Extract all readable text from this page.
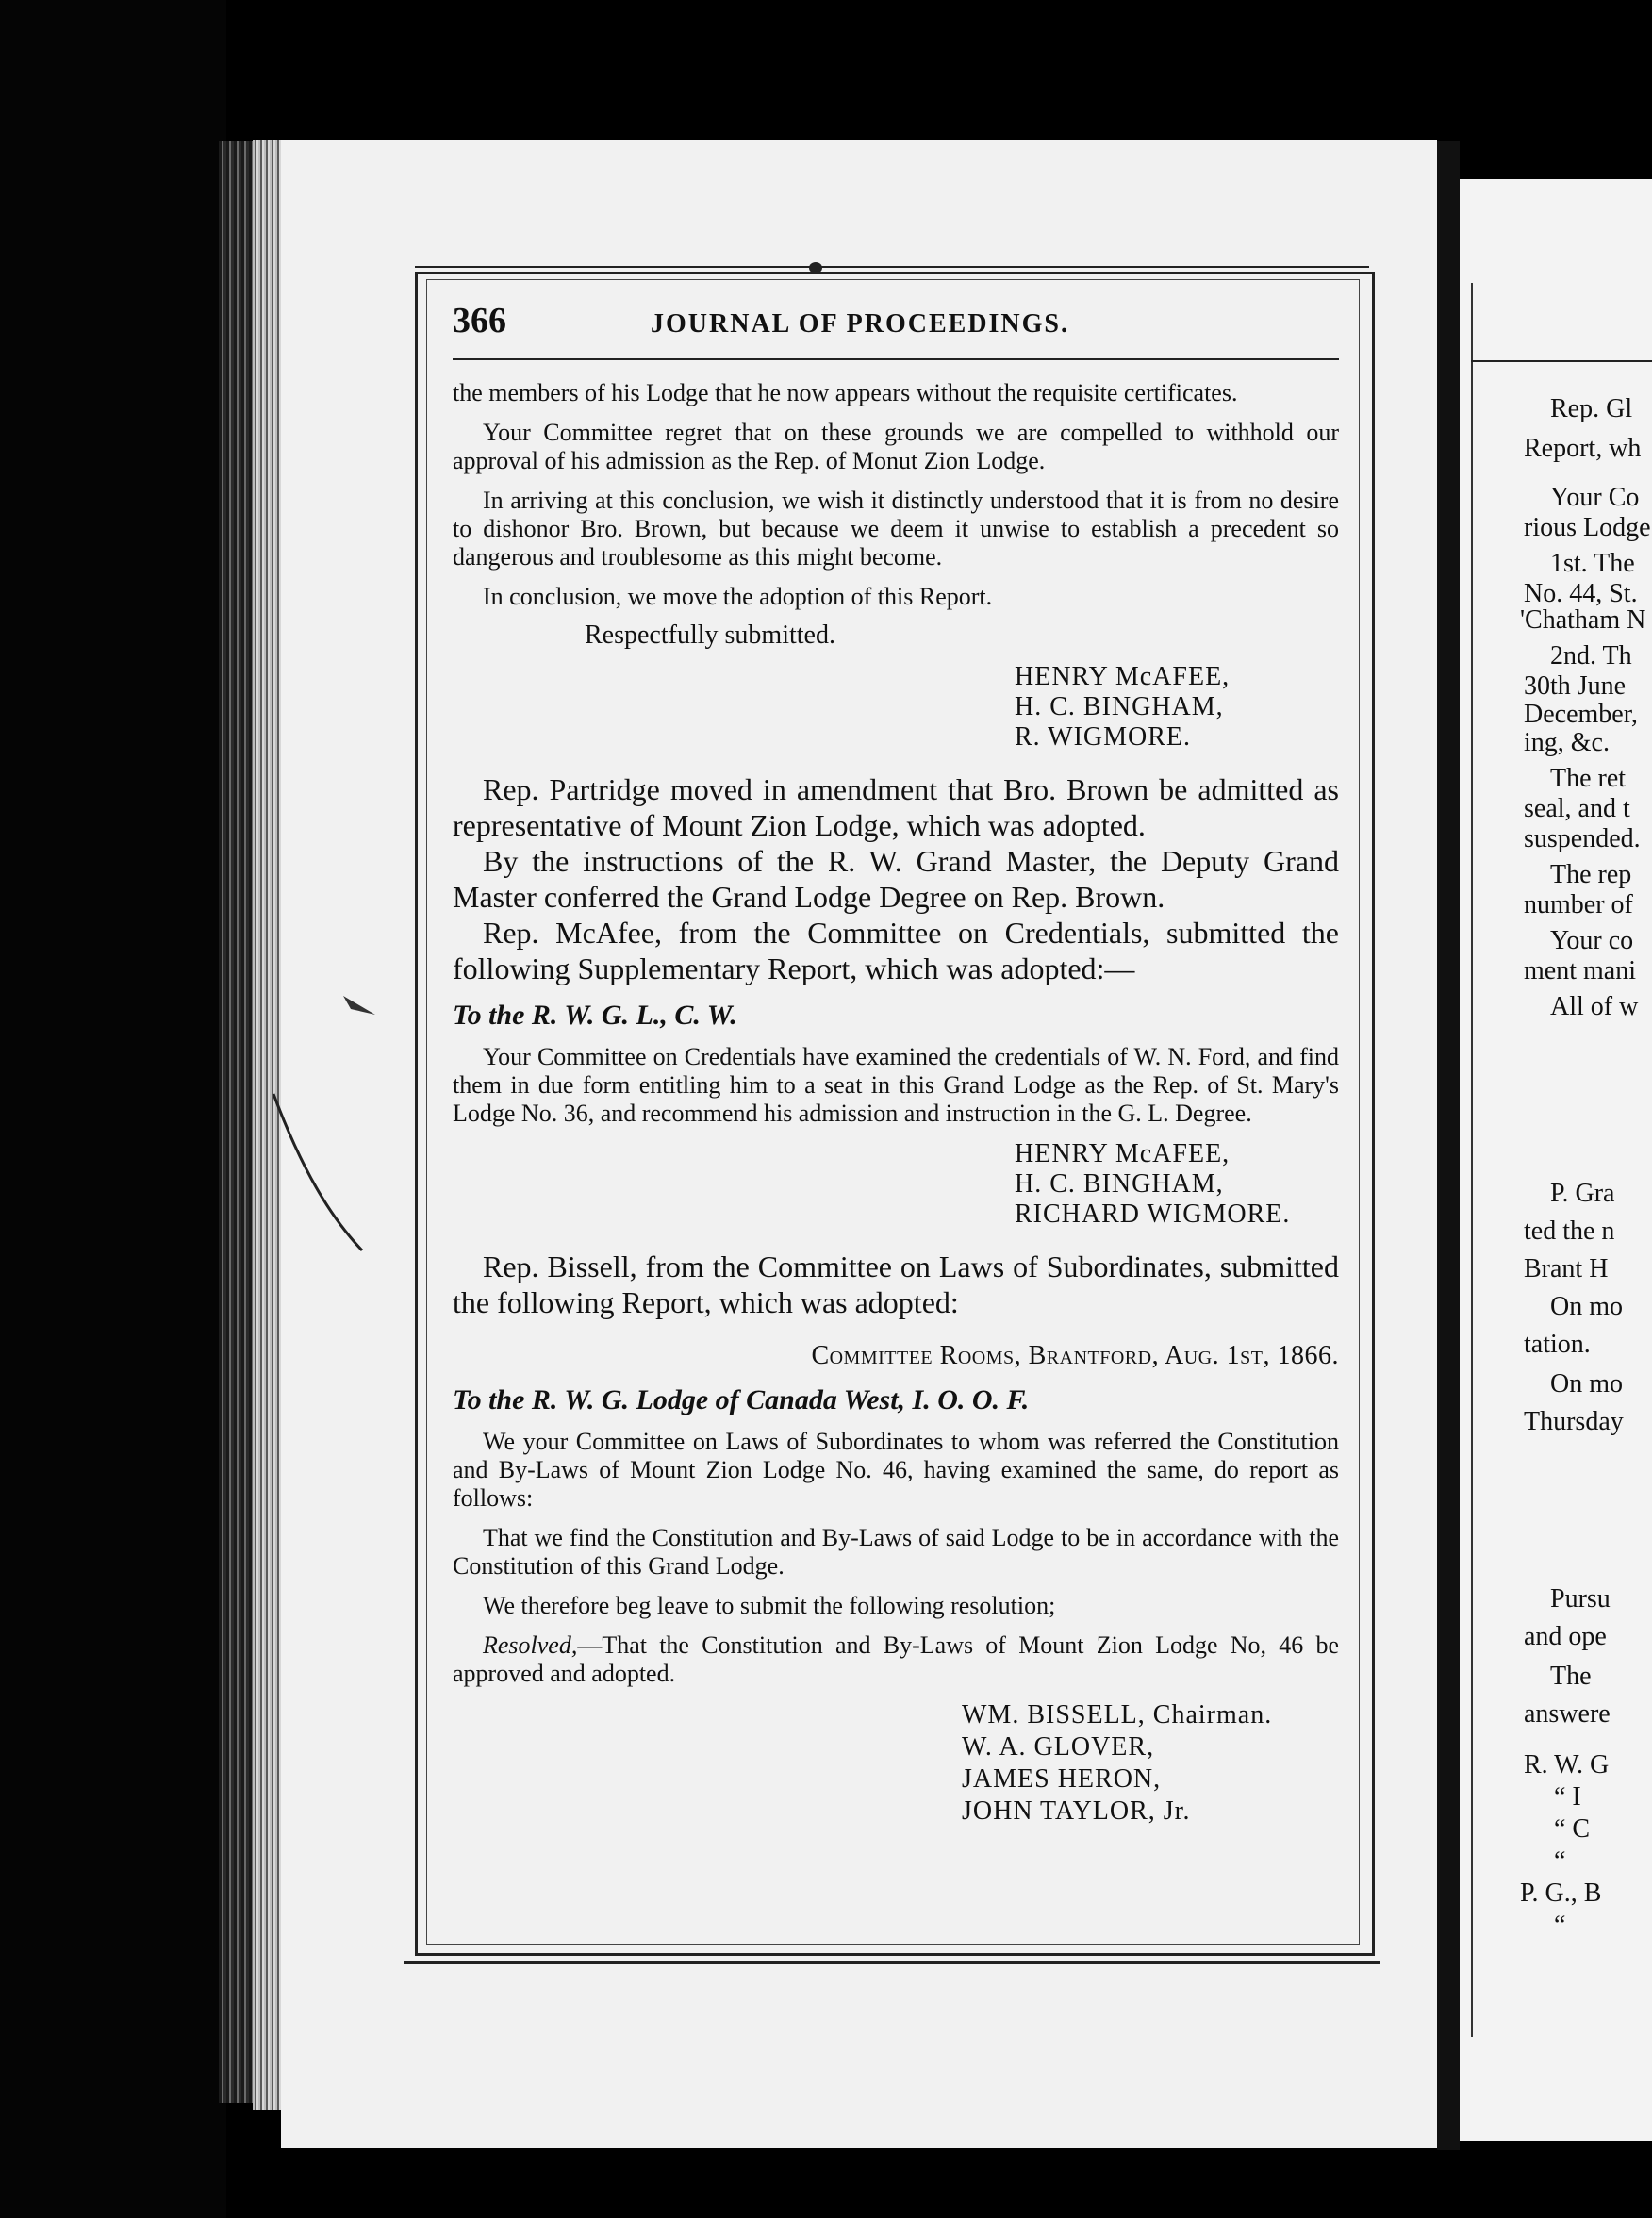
Rep. Gl
Report, wh
Your Co
rious Lodge
1st. The
No. 44, St.
'Chatham N
2nd. Th
30th June
December,
ing, &c.
The ret
seal, and t
suspended.
The rep
number of
Your co
ment mani
All of w
P. Gra
ted the n
Brant H
On mo
tation.
On mo
Thursday
Pursu
and ope
The
answere
R. W. G
“ I
“ C
“
P. G., B
“
366	JOURNAL OF PROCEEDINGS.

the members of his Lodge that he now appears without the requisite certificates.

Your Committee regret that on these grounds we are compelled to withhold our approval of his admission as the Rep. of Monut Zion Lodge.

In arriving at this conclusion, we wish it distinctly understood that it is from no desire to dishonor Bro. Brown, but because we deem it unwise to establish a precedent so dangerous and troublesome as this might become.

In conclusion, we move the adoption of this Report.

Respectfully submitted.

HENRY McAFEE,

H. C. BINGHAM,

R. WIGMORE.

Rep. Partridge moved in amendment that Bro. Brown be admitted as representative of Mount Zion Lodge, which was adopted.

By the instructions of the R. W. Grand Master, the Deputy Grand Master conferred the Grand Lodge Degree on Rep. Brown.

Rep. McAfee, from the Committee on Credentials, submitted the following Supplementary Report, which was adopted:—

To the R. W. G. L., C. W.

Your Committee on Credentials have examined the credentials of W. N. Ford, and find them in due form entitling him to a seat in this Grand Lodge as the Rep. of St. Mary's Lodge No. 36, and recommend his admission and instruction in the G. L. Degree.

HENRY McAFEE,

H. C. BINGHAM,

RICHARD WIGMORE.

Rep. Bissell, from the Committee on Laws of Subordinates, submitted the following Report, which was adopted:

Committee Rooms, Brantford, Aug. 1st, 1866.

To the R. W. G. Lodge of Canada West, I. O. O. F.

We your Committee on Laws of Subordinates to whom was referred the Constitution and By-Laws of Mount Zion Lodge No. 46, having examined the same, do report as follows:

That we find the Constitution and By-Laws of said Lodge to be in accordance with the Constitution of this Grand Lodge.

We therefore beg leave to submit the following resolution;

Resolved,—That the Constitution and By-Laws of Mount Zion Lodge No, 46 be approved and adopted.

WM. BISSELL, Chairman.

W. A. GLOVER,

JAMES HERON,

JOHN TAYLOR, Jr.
